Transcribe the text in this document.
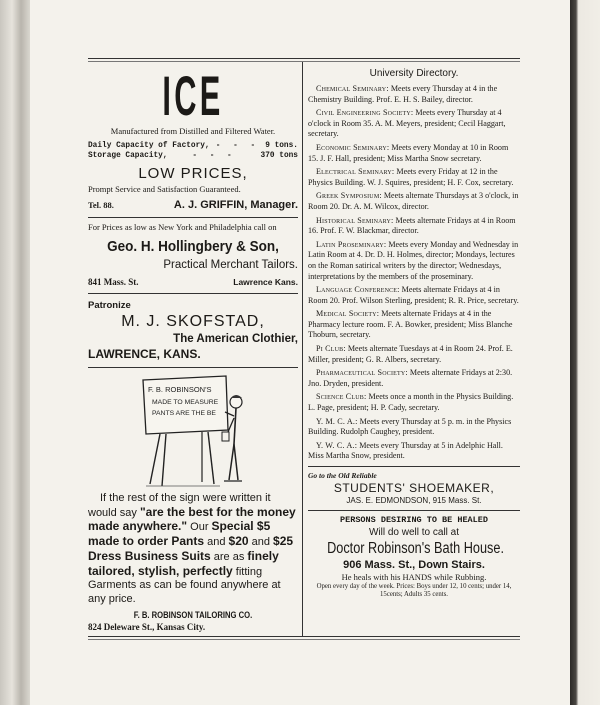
ICE
Manufactured from Distilled and Filtered Water.
Daily Capacity of Factory, - - - 9 tons.
Storage Capacity,	- - -	370 tons
LOW PRICES,
Prompt Service and Satisfaction Guaranteed.
Tel. 88.	A. J. GRIFFIN, Manager.
For Prices as low as New York and Philadelphia call on
Geo. H. Hollingbery & Son,
Practical Merchant Tailors.
841 Mass. St.	Lawrence Kans.
Patronize
M. J. SKOFSTAD,
The American Clothier,
LAWRENCE, KANS.
F. B. ROBINSON'S
MADE TO MEASURE
PANTS ARE THE BE
If the rest of the sign were written it would say "are the best for the money made anywhere." Our Special $5 made to order Pants and $20 and $25 Dress Business Suits are as finely tailored, stylish, perfectly fitting Garments as can be found anywhere at any price.
F. B. ROBINSON TAILORING CO.
824 Deleware St., Kansas City.
University Directory.

Chemical Seminary: Meets every Thursday at 4 in the Chemistry Building. Prof. E. H. S. Bailey, director.

Civil Engineering Society: Meets every Thursday at 4 o'clock in Room 35. A. M. Meyers, president; Cecil Haggart, secretary.

Economic Seminary: Meets every Monday at 10 in Room 15. J. F. Hall, president; Miss Martha Snow secretary.

Electrical Seminary: Meets every Friday at 12 in the Physics Building. W. J. Squires, president; H. F. Cox, secretary.

Greek Symposium: Meets alternate Thursdays at 3 o'clock, in Room 20. Dr. A. M. Wilcox, director.

Historical Seminary: Meets alternate Fridays at 4 in Room 16. Prof. F. W. Blackmar, director.

Latin Proseminary: Meets every Monday and Wednesday in Latin Room at 4. Dr. D. H. Holmes, director; Mondays, lectures on the Roman satirical writers by the director; Wednesdays, interpretations by the members of the proseminary.

Language Conference: Meets alternate Fridays at 4 in Room 20. Prof. Wilson Sterling, president; R. R. Price, secretary.

Medical Society: Meets alternate Fridays at 4 in the Pharmacy lecture room. F. A. Bowker, president; Miss Blanche Thoburn, secretary.

Pi Club: Meets alternate Tuesdays at 4 in Room 24. Prof. E. Miller, president; G. R. Albers, secretary.

Pharmaceutical Society: Meets alternate Fridays at 2:30. Jno. Dryden, president.

Science Club: Meets once a month in the Physics Building. L. Page, president; H. P. Cady, secretary.

Y. M. C. A.: Meets every Thursday at 5 p. m. in the Physics Building. Rudolph Caughey, president.

Y. W. C. A.: Meets every Thursday at 5 in Adelphic Hall. Miss Martha Snow, president.

Go to the Old Reliable
STUDENTS' SHOEMAKER,
JAS. E. EDMONDSON, 915 Mass. St.
PERSONS DESIRING TO BE HEALED
Will do well to call at
Doctor Robinson's Bath House.
906 Mass. St., Down Stairs.
He heals with his HANDS while Rubbing.
Open every day of the week. Prices: Boys under 12, 10 cents; under 14, 15cents; Adults 35 cents.
